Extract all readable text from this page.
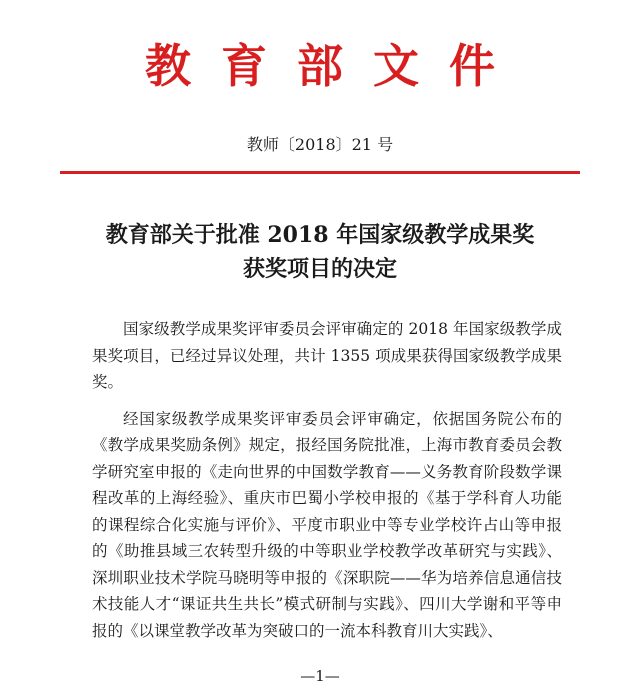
教育部文件
教师〔2018〕21 号
教育部关于批准 2018 年国家级教学成果奖
获奖项目的决定

国家级教学成果奖评审委员会评审确定的 2018 年国家级教学成果奖项目，已经过异议处理，共计 1355 项成果获得国家级教学成果奖。

经国家级教学成果奖评审委员会评审确定，依据国务院公布的《教学成果奖励条例》规定，报经国务院批准，上海市教育委员会教学研究室申报的《走向世界的中国数学教育——义务教育阶段数学课程改革的上海经验》、重庆市巴蜀小学校申报的《基于学科育人功能的课程综合化实施与评价》、平度市职业中等专业学校许占山等申报的《助推县域三农转型升级的中等职业学校教学改革研究与实践》、深圳职业技术学院马晓明等申报的《深职院——华为培养信息通信技术技能人才“课证共生共长”模式研制与实践》、四川大学谢和平等申报的《以课堂教学改革为突破口的一流本科教育川大实践》、

—1—
